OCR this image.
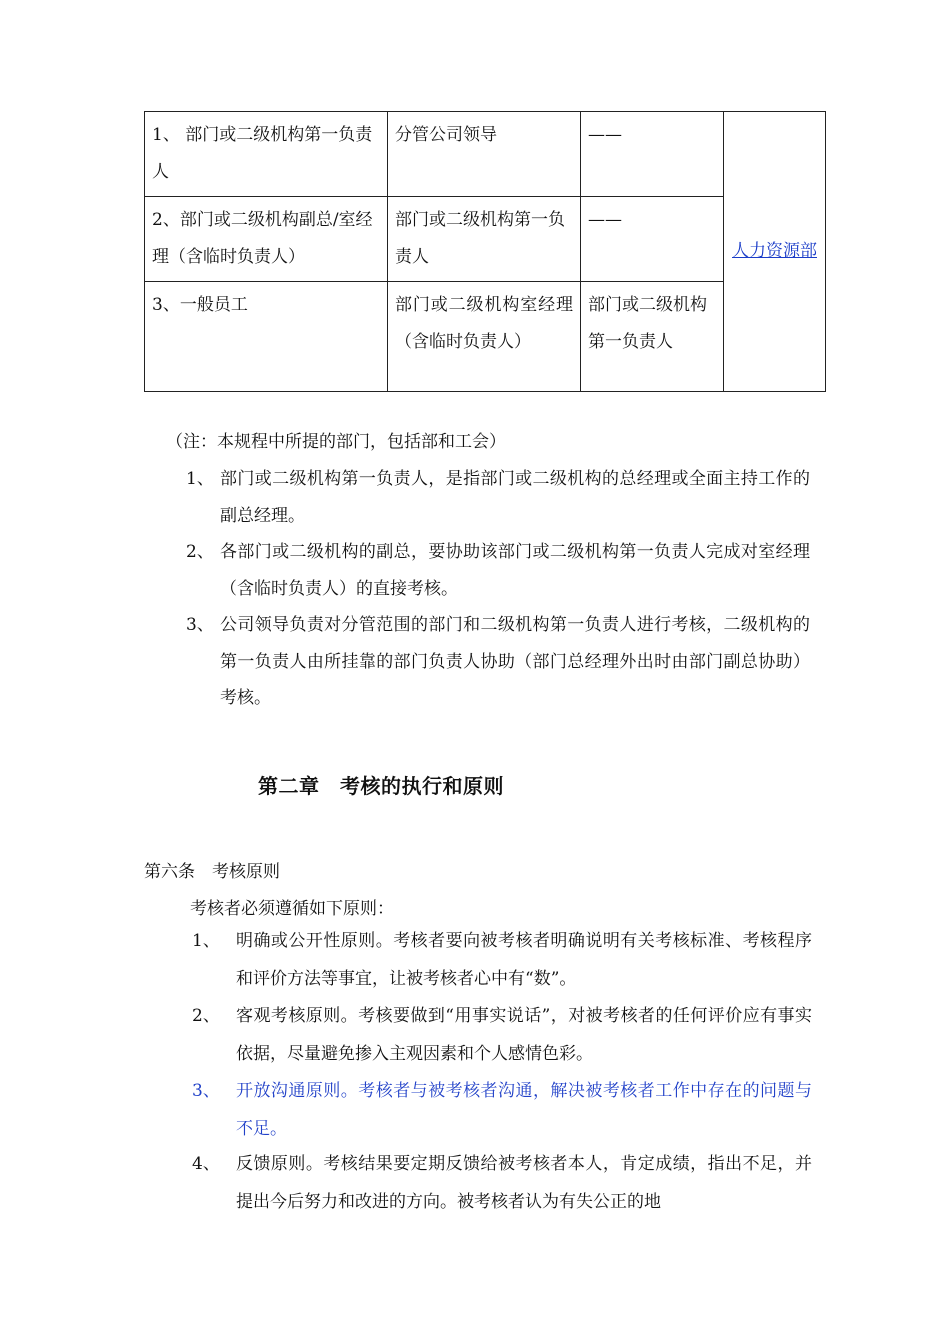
1、 部门或二级机构第一负责人	分管公司领导	——	人力资源部
2、部门或二级机构副总/室经理（含临时负责人）	部门或二级机构第一负责人	——	
3、一般员工	部门或二级机构室经理　（含临时负责人）	部门或二级机构第一负责人	
（注：本规程中所提的部门，包括部和工会）
1、 部门或二级机构第一负责人，是指部门或二级机构的总经理或全面主持工作的副总经理。
2、 各部门或二级机构的副总，要协助该部门或二级机构第一负责人完成对室经理（含临时负责人）的直接考核。
3、 公司领导负责对分管范围的部门和二级机构第一负责人进行考核，二级机构的第一负责人由所挂靠的部门负责人协助（部门总经理外出时由部门副总协助）考核。
第二章　考核的执行和原则
第六条　考核原则
考核者必须遵循如下原则：
1、 明确或公开性原则。考核者要向被考核者明确说明有关考核标准、考核程序和评价方法等事宜，让被考核者心中有“数”。
2、 客观考核原则。考核要做到“用事实说话”，对被考核者的任何评价应有事实依据，尽量避免掺入主观因素和个人感情色彩。
3、 开放沟通原则。考核者与被考核者沟通，解决被考核者工作中存在的问题与不足。
4、 反馈原则。考核结果要定期反馈给被考核者本人，肯定成绩，指出不足，并提出今后努力和改进的方向。被考核者认为有失公正的地
